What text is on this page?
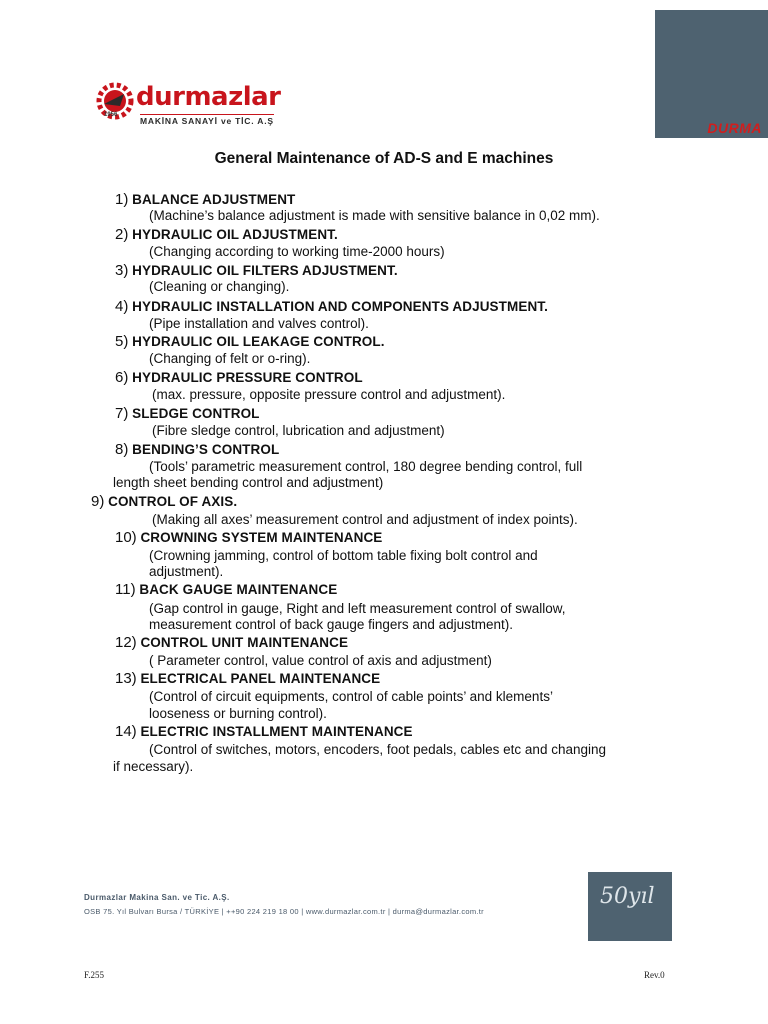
1956
durmazlar
MAKİNA SANAYİ ve TİC. A.Ş	DURMA
General Maintenance of AD-S and E machines
1) BALANCE ADJUSTMENT
(Machine’s balance adjustment is made with sensitive balance in 0,02 mm).
2) HYDRAULIC OIL ADJUSTMENT.
(Changing according to working time-2000 hours)
3) HYDRAULIC OIL FILTERS ADJUSTMENT.
(Cleaning or changing).
4) HYDRAULIC INSTALLATION AND COMPONENTS ADJUSTMENT.
(Pipe installation and valves control).
5) HYDRAULIC OIL LEAKAGE CONTROL.
(Changing of felt or o-ring).
6) HYDRAULIC PRESSURE CONTROL
(max. pressure, opposite pressure control and adjustment).
7) SLEDGE CONTROL
(Fibre sledge control, lubrication and adjustment)
8) BENDING’S CONTROL
(Tools’ parametric measurement control, 180 degree bending control, full
length sheet bending control and adjustment)
9) CONTROL OF AXIS.
(Making all axes’ measurement control and adjustment of index points).
10) CROWNING SYSTEM MAINTENANCE
(Crowning jamming, control of bottom table fixing bolt control and
adjustment).
11) BACK GAUGE MAINTENANCE
(Gap control in gauge, Right and left measurement control of swallow,
measurement control of back gauge fingers and adjustment).
12) CONTROL UNIT MAINTENANCE
( Parameter control, value control of axis and adjustment)
13) ELECTRICAL PANEL MAINTENANCE
(Control of circuit equipments, control of cable points’ and klements’
looseness or burning control).
14) ELECTRIC INSTALLMENT MAINTENANCE
(Control of switches, motors, encoders, foot pedals, cables etc and changing
if necessary).
Durmazlar Makina San. ve Tic. A.Ş.
OSB 75. Yıl Bulvarı Bursa / TÜRKİYE | ++90 224 219 18 00 | www.durmazlar.com.tr | durma@durmazlar.com.tr
50yıl
F.255	Rev.0
